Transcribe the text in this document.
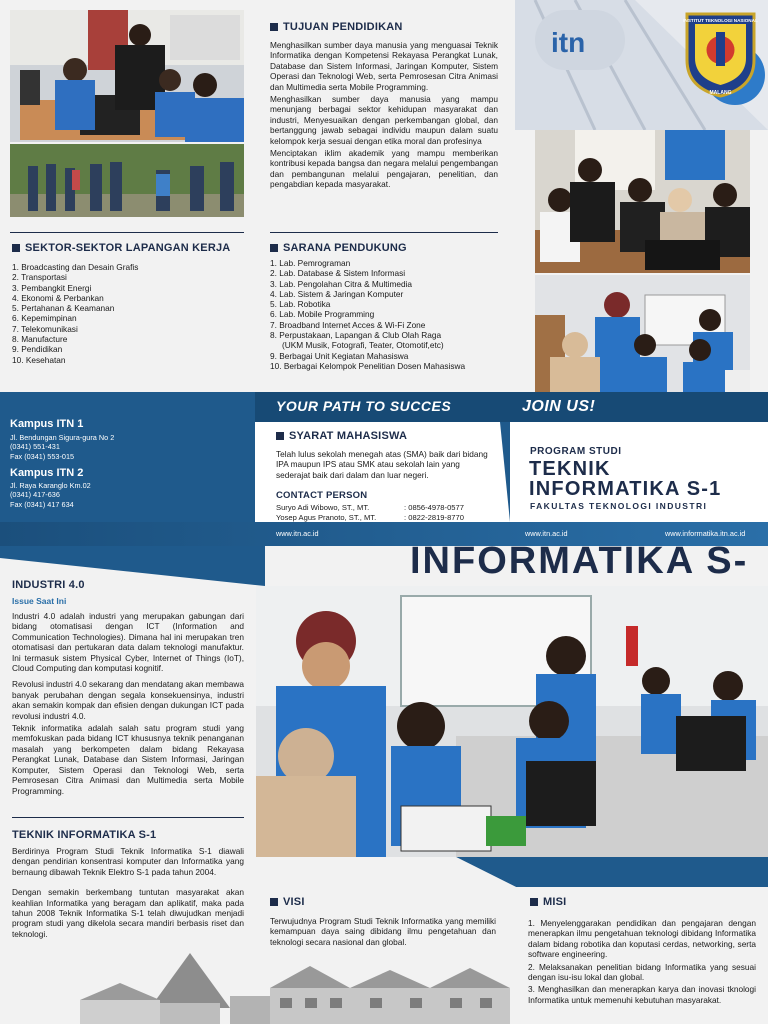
TUJUAN PENDIDIKAN

Menghasilkan sumber daya manusia yang menguasai Teknik Informatika dengan Kompetensi Rekayasa Perangkat Lunak, Database dan Sistem Informasi, Jaringan Komputer, Sistem Operasi dan Teknologi Web, serta Pemrosesan Citra Animasi dan Multimedia serta Mobile Programming.

Menghasilkan sumber daya manusia yang mampu menunjang berbagai sektor kehidupan masyarakat dan industri, Menyesuaikan dengan perkembangan global, dan bertanggung jawab sebagai individu maupun dalam suatu kelompok kerja sesuai dengan etika moral dan profesinya

Menciptakan iklim akademik yang mampu memberikan kontribusi kepada bangsa dan negara melalui pengembangan dan pembangunan melalui pengajaran, penelitian, dan pengabdian kepada masyarakat.

SEKTOR-SEKTOR LAPANGAN KERJA
1. Broadcasting dan Desain Grafis
2. Transportasi
3. Pembangkit Energi
4. Ekonomi & Perbankan
5. Pertahanan & Keamanan
6. Kepemimpinan
7. Telekomunikasi
8. Manufacture
9. Pendidikan
10. Kesehatan
SARANA PENDUKUNG
1. Lab. Pemrograman
2. Lab. Database & Sistem Informasi
3. Lab. Pengolahan Citra & Multimedia
4. Lab. Sistem & Jaringan Komputer
5. Lab. Robotika
6. Lab. Mobile Programming
7. Broadband Internet Acces & Wi-Fi Zone
8. Perpustakaan, Lapangan & Club Olah Raga
(UKM Musik, Fotografi, Teater, Otomotif,etc)
9. Berbagai Unit Kegiatan Mahasiswa
10. Berbagai Kelompok Penelitian Dosen Mahasiswa
itn
INSTITUT TEKNOLOGI NASIONAL
MALANG
Kampus ITN 1
Jl. Bendungan Sigura-gura No 2
(0341) 551-431
Fax (0341) 553-015
Kampus ITN 2
Jl. Raya Karanglo Km.02
(0341) 417-636
Fax (0341) 417 634
YOUR PATH TO SUCCES	JOIN US!
SYARAT MAHASISWA
Telah lulus sekolah menegah atas (SMA) baik dari bidang IPA maupun IPS atau SMK atau sekolah lain yang sederajat baik dari dalam dan luar negeri.
CONTACT PERSON
Suryo Adi Wibowo, ST., MT.	: 0856-4978-0577
Yosep Agus Pranoto, ST., MT.	: 0822-2819-8770
PROGRAM STUDI
TEKNIK
INFORMATIKA S-1
FAKULTAS TEKNOLOGI INDUSTRI
www.itn.ac.id	www.itn.ac.id	www.informatika.itn.ac.id
INFORMATIKA S-
INDUSTRI 4.0
Issue Saat Ini

Industri 4.0 adalah industri yang merupakan gabungan dari bidang otomatisasi dengan ICT (Information and Communication Technologies). Dimana hal ini merupakan tren otomatisasi dan pertukaran data dalam teknologi manufaktur. Ini termasuk sistem Physical Cyber, Internet of Things (IoT), Cloud Computing dan komputasi kognitif.

Revolusi industri 4.0 sekarang dan mendatang akan membawa banyak perubahan dengan segala konsekuensinya, industri akan semakin kompak dan efisien dengan dukungan ICT pada revolusi industri 4.0.

Teknik informatika adalah salah satu program studi yang memfokuskan pada bidang ICT khususnya teknik penanganan masalah yang berkompeten dalam bidang Rekayasa Perangkat Lunak, Database dan Sistem Informasi, Jaringan Komputer, Sistem Operasi dan Teknologi Web, serta Pemrosesan Citra Animasi dan Multimedia serta Mobile Programming.

TEKNIK INFORMATIKA S-1

Berdirinya Program Studi Teknik Informatika S-1 diawali dengan pendirian konsentrasi komputer dan Informatika yang bernaung dibawah Teknik Elektro S-1 pada tahun 2004.

Dengan semakin berkembang tuntutan masyarakat akan keahlian Informatika yang beragam dan aplikatif, maka pada tahun 2008 Teknik Informatika S-1 telah diwujudkan menjadi program studi yang dikelola secara mandiri berbasis riset dan teknologi.

VISI
Terwujudnya Program Studi Teknik Informatika yang memiliki kemampuan daya saing dibidang ilmu pengetahuan dan teknologi secara nasional dan global.
MISI

1. Menyelenggarakan pendidikan dan pengajaran dengan menerapkan ilmu pengetahuan teknologi dibidang Informatika dalam bidang robotika dan koputasi cerdas, networking, serta software engineering.

2. Melaksanakan penelitian bidang Informatika yang sesuai dengan isu-isu lokal dan global.

3. Menghasilkan dan menerapkan karya dan inovasi tknologi Informatika untuk memenuhi kebutuhan masyarakat.
